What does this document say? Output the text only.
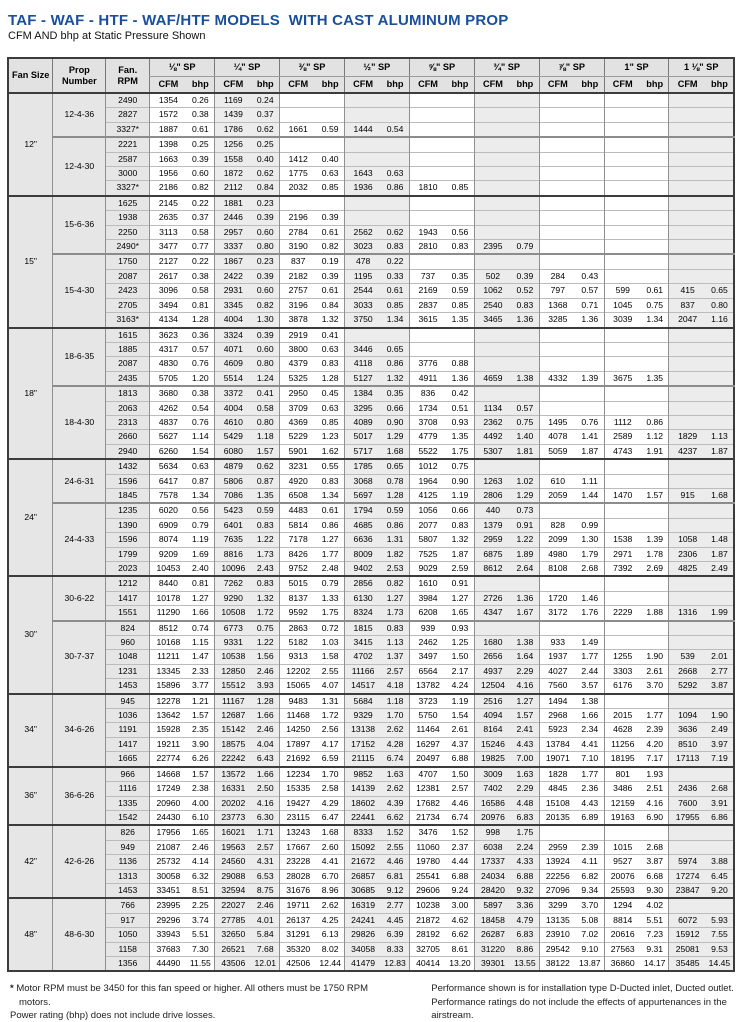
TAF - WAF - HTF - WAF/HTF MODELS  WITH CAST ALUMINUM PROP
CFM AND bhp at Static Pressure Shown
Fan Size	Prop Number	Fan. RPM	⅛" SP		¼" SP		⅜" SP		½" SP		⅝" SP		¾" SP		⅞" SP		1" SP		1 ⅛" SP	
			CFM	bhp	CFM	bhp	CFM	bhp	CFM	bhp	CFM	bhp	CFM	bhp	CFM	bhp	CFM	bhp	CFM	bhp
12"	12-4-36	2490	1354	0.26	1169	0.24														
		2827	1572	0.38	1439	0.37														
		3327*	1887	0.61	1786	0.62	1661	0.59	1444	0.54										
	12-4-30	2221	1398	0.25	1256	0.25														
		2587	1663	0.39	1558	0.40	1412	0.40												
		3000	1956	0.60	1872	0.62	1775	0.63	1643	0.63										
		3327*	2186	0.82	2112	0.84	2032	0.85	1936	0.86	1810	0.85								
15"	15-6-36	1625	2145	0.22	1881	0.23														
		1938	2635	0.37	2446	0.39	2196	0.39												
		2250	3113	0.58	2957	0.60	2784	0.61	2562	0.62	1943	0.56								
		2490*	3477	0.77	3337	0.80	3190	0.82	3023	0.83	2810	0.83	2395	0.79						
	15-4-30	1750	2127	0.22	1867	0.23	837	0.19	478	0.22										
		2087	2617	0.38	2422	0.39	2182	0.39	1195	0.33	737	0.35	502	0.39	284	0.43				
		2423	3096	0.58	2931	0.60	2757	0.61	2544	0.61	2169	0.59	1062	0.52	797	0.57	599	0.61	415	0.65
		2705	3494	0.81	3345	0.82	3196	0.84	3033	0.85	2837	0.85	2540	0.83	1368	0.71	1045	0.75	837	0.80
		3163*	4134	1.28	4004	1.30	3878	1.32	3750	1.34	3615	1.35	3465	1.36	3285	1.36	3039	1.34	2047	1.16
18"	18-6-35	1615	3623	0.36	3324	0.39	2919	0.41												
		1885	4317	0.57	4071	0.60	3800	0.63	3446	0.65										
		2087	4830	0.76	4609	0.80	4379	0.83	4118	0.86	3776	0.88								
		2435	5705	1.20	5514	1.24	5325	1.28	5127	1.32	4911	1.36	4659	1.38	4332	1.39	3675	1.35		
	18-4-30	1813	3680	0.38	3372	0.41	2950	0.45	1384	0.35	836	0.42								
		2063	4262	0.54	4004	0.58	3709	0.63	3295	0.66	1734	0.51	1134	0.57						
		2313	4837	0.76	4610	0.80	4369	0.85	4089	0.90	3708	0.93	2362	0.75	1495	0.76	1112	0.86		
		2660	5627	1.14	5429	1.18	5229	1.23	5017	1.29	4779	1.35	4492	1.40	4078	1.41	2589	1.12	1829	1.13
		2940	6260	1.54	6080	1.57	5901	1.62	5717	1.68	5522	1.75	5307	1.81	5059	1.87	4743	1.91	4237	1.87
24"	24-6-31	1432	5634	0.63	4879	0.62	3231	0.55	1785	0.65	1012	0.75								
		1596	6417	0.87	5806	0.87	4920	0.83	3068	0.78	1964	0.90	1263	1.02	610	1.11				
		1845	7578	1.34	7086	1.35	6508	1.34	5697	1.28	4125	1.19	2806	1.29	2059	1.44	1470	1.57	915	1.68
	24-4-33	1235	6020	0.56	5423	0.59	4483	0.61	1794	0.59	1056	0.66	440	0.73						
		1390	6909	0.79	6401	0.83	5814	0.86	4685	0.86	2077	0.83	1379	0.91	828	0.99				
		1596	8074	1.19	7635	1.22	7178	1.27	6636	1.31	5807	1.32	2959	1.22	2099	1.30	1538	1.39	1058	1.48
		1799	9209	1.69	8816	1.73	8426	1.77	8009	1.82	7525	1.87	6875	1.89	4980	1.79	2971	1.78	2306	1.87
		2023	10453	2.40	10096	2.43	9752	2.48	9402	2.53	9029	2.59	8612	2.64	8108	2.68	7392	2.69	4825	2.49
30"	30-6-22	1212	8440	0.81	7262	0.83	5015	0.79	2856	0.82	1610	0.91								
		1417	10178	1.27	9290	1.32	8137	1.33	6130	1.27	3984	1.27	2726	1.36	1720	1.46				
		1551	11290	1.66	10508	1.72	9592	1.75	8324	1.73	6208	1.65	4347	1.67	3172	1.76	2229	1.88	1316	1.99
	30-7-37	824	8512	0.74	6773	0.75	2863	0.72	1815	0.83	939	0.93								
		960	10168	1.15	9331	1.22	5182	1.03	3415	1.13	2462	1.25	1680	1.38	933	1.49				
		1048	11211	1.47	10538	1.56	9313	1.58	4702	1.37	3497	1.50	2656	1.64	1937	1.77	1255	1.90	539	2.01
		1231	13345	2.33	12850	2.46	12202	2.55	11166	2.57	6564	2.17	4937	2.29	4027	2.44	3303	2.61	2668	2.77
		1453	15896	3.77	15512	3.93	15065	4.07	14517	4.18	13782	4.24	12504	4.16	7560	3.57	6176	3.70	5292	3.87
34"	34-6-26	945	12278	1.21	11167	1.28	9483	1.31	5684	1.18	3723	1.19	2516	1.27	1494	1.38				
		1036	13642	1.57	12687	1.66	11468	1.72	9329	1.70	5750	1.54	4094	1.57	2968	1.66	2015	1.77	1094	1.90
		1191	15928	2.35	15142	2.46	14250	2.56	13138	2.62	11464	2.61	8164	2.41	5923	2.34	4628	2.39	3636	2.49
		1417	19211	3.90	18575	4.04	17897	4.17	17152	4.28	16297	4.37	15246	4.43	13784	4.41	11256	4.20	8510	3.97
		1665	22774	6.26	22242	6.43	21692	6.59	21115	6.74	20497	6.88	19825	7.00	19071	7.10	18195	7.17	17113	7.19
36"	36-6-26	966	14668	1.57	13572	1.66	12234	1.70	9852	1.63	4707	1.50	3009	1.63	1828	1.77	801	1.93		
		1116	17249	2.38	16331	2.50	15335	2.58	14139	2.62	12381	2.57	7402	2.29	4845	2.36	3486	2.51	2436	2.68
		1335	20960	4.00	20202	4.16	19427	4.29	18602	4.39	17682	4.46	16586	4.48	15108	4.43	12159	4.16	7600	3.91
		1542	24430	6.10	23773	6.30	23115	6.47	22441	6.62	21734	6.74	20976	6.83	20135	6.89	19163	6.90	17955	6.86
42"	42-6-26	826	17956	1.65	16021	1.71	13243	1.68	8333	1.52	3476	1.52	998	1.75						
		949	21087	2.46	19563	2.57	17667	2.60	15092	2.55	11060	2.37	6038	2.24	2959	2.39	1015	2.68		
		1136	25732	4.14	24560	4.31	23228	4.41	21672	4.46	19780	4.44	17337	4.33	13924	4.11	9527	3.87	5974	3.88
		1313	30058	6.32	29088	6.53	28028	6.70	26857	6.81	25541	6.88	24034	6.88	22256	6.82	20076	6.68	17274	6.45
		1453	33451	8.51	32594	8.75	31676	8.96	30685	9.12	29606	9.24	28420	9.32	27096	9.34	25593	9.30	23847	9.20
48"	48-6-30	766	23995	2.25	22027	2.46	19711	2.62	16319	2.77	10238	3.00	5897	3.36	3299	3.70	1294	4.02		
		917	29296	3.74	27785	4.01	26137	4.25	24241	4.45	21872	4.62	18458	4.79	13135	5.08	8814	5.51	6072	5.93
		1050	33943	5.51	32650	5.84	31291	6.13	29826	6.39	28192	6.62	26287	6.83	23910	7.02	20616	7.23	15912	7.55
		1158	37683	7.30	26521	7.68	35320	8.02	34058	8.33	32705	8.61	31220	8.86	29542	9.10	27563	9.31	25081	9.53
		1356	44490	11.55	43506	12.01	42506	12.44	41479	12.83	40414	13.20	39301	13.55	38122	13.87	36860	14.17	35485	14.45
* Motor RPM must be 3450 for this fan speed or higher. All others must be 1750 RPM motors.
Power rating (bhp) does not include drive losses.
Performance shown is for installation type D-Ducted inlet, Ducted outlet. Performance ratings do not include the effects of appurtenances in the airstream.
